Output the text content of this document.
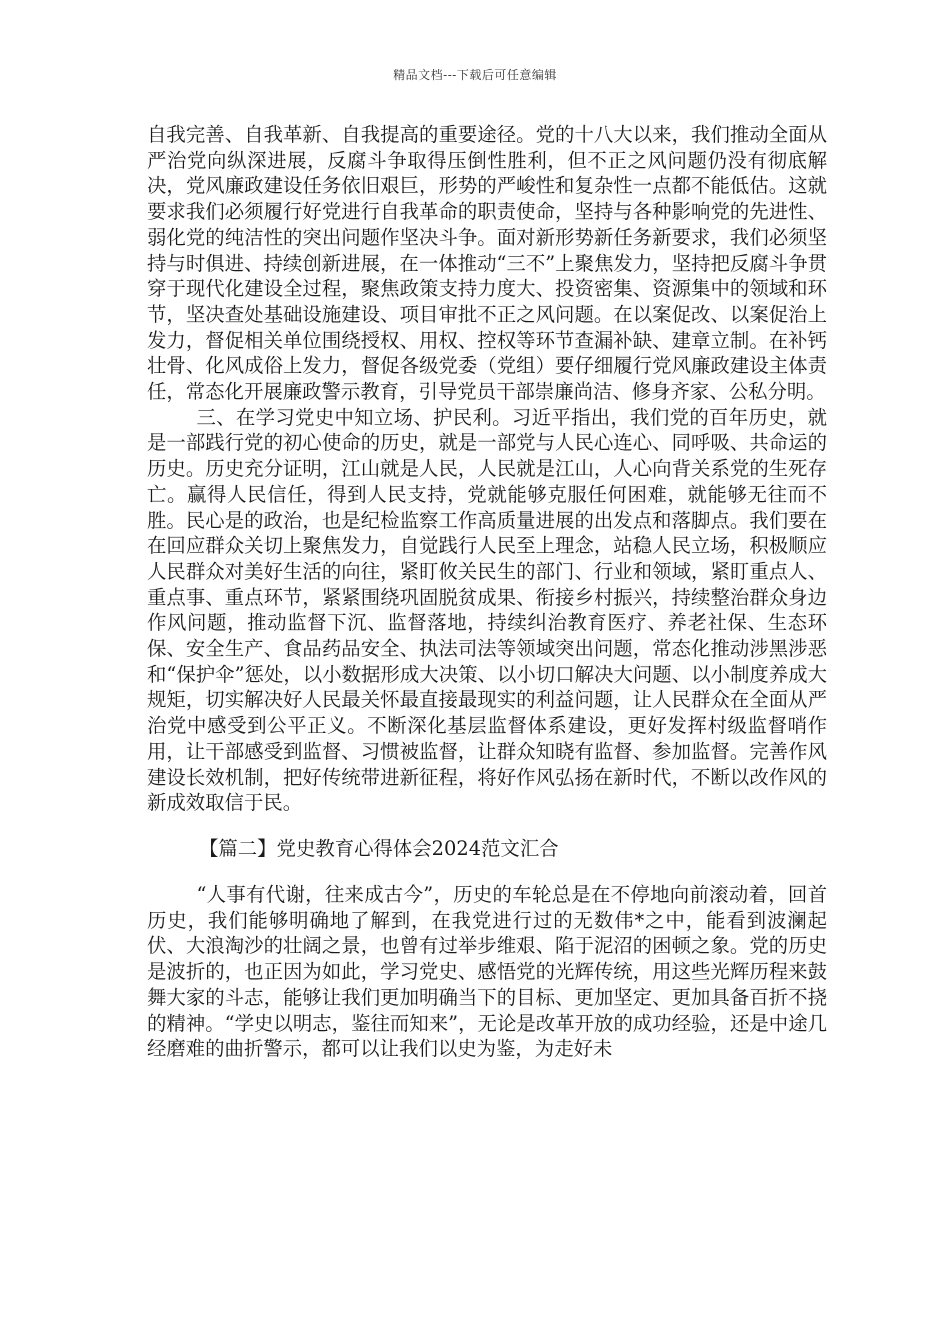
精品文档---下载后可任意编辑

自我完善、自我革新、自我提高的重要途径。党的十八大以来，我们推动全面从严治党向纵深进展，反腐斗争取得压倒性胜利，但不正之风问题仍没有彻底解决，党风廉政建设任务依旧艰巨，形势的严峻性和复杂性一点都不能低估。这就要求我们必须履行好党进行自我革命的职责使命，坚持与各种影响党的先进性、弱化党的纯洁性的突出问题作坚决斗争。面对新形势新任务新要求，我们必须坚持与时俱进、持续创新进展，在一体推动“三不”上聚焦发力，坚持把反腐斗争贯穿于现代化建设全过程，聚焦政策支持力度大、投资密集、资源集中的领域和环节，坚决查处基础设施建设、项目审批不正之风问题。在以案促改、以案促治上发力，督促相关单位围绕授权、用权、控权等环节查漏补缺、建章立制。在补钙壮骨、化风成俗上发力，督促各级党委（党组）要仔细履行党风廉政建设主体责任，常态化开展廉政警示教育，引导党员干部崇廉尚洁、修身齐家、公私分明。

三、在学习党史中知立场、护民利。习近平指出，我们党的百年历史，就是一部践行党的初心使命的历史，就是一部党与人民心连心、同呼吸、共命运的历史。历史充分证明，江山就是人民，人民就是江山，人心向背关系党的生死存亡。赢得人民信任，得到人民支持，党就能够克服任何困难，就能够无往而不胜。民心是的政治，也是纪检监察工作高质量进展的出发点和落脚点。我们要在在回应群众关切上聚焦发力，自觉践行人民至上理念，站稳人民立场，积极顺应人民群众对美好生活的向往，紧盯攸关民生的部门、行业和领域，紧盯重点人、重点事、重点环节，紧紧围绕巩固脱贫成果、衔接乡村振兴，持续整治群众身边作风问题，推动监督下沉、监督落地，持续纠治教育医疗、养老社保、生态环保、安全生产、食品药品安全、执法司法等领域突出问题，常态化推动涉黑涉恶和“保护伞”惩处，以小数据形成大决策、以小切口解决大问题、以小制度养成大规矩，切实解决好人民最关怀最直接最现实的利益问题，让人民群众在全面从严治党中感受到公平正义。不断深化基层监督体系建设，更好发挥村级监督哨作用，让干部感受到监督、习惯被监督，让群众知晓有监督、参加监督。完善作风建设长效机制，把好传统带进新征程，将好作风弘扬在新时代，不断以改作风的新成效取信于民。

【篇二】党史教育心得体会2024范文汇合

“人事有代谢，往来成古今”，历史的车轮总是在不停地向前滚动着，回首历史，我们能够明确地了解到，在我党进行过的无数伟*之中，能看到波澜起伏、大浪淘沙的壮阔之景，也曾有过举步维艰、陷于泥沼的困顿之象。党的历史是波折的，也正因为如此，学习党史、感悟党的光辉传统，用这些光辉历程来鼓舞大家的斗志，能够让我们更加明确当下的目标、更加坚定、更加具备百折不挠的精神。“学史以明志，鉴往而知来”，无论是改革开放的成功经验，还是中途几经磨难的曲折警示，都可以让我们以史为鉴，为走好未
